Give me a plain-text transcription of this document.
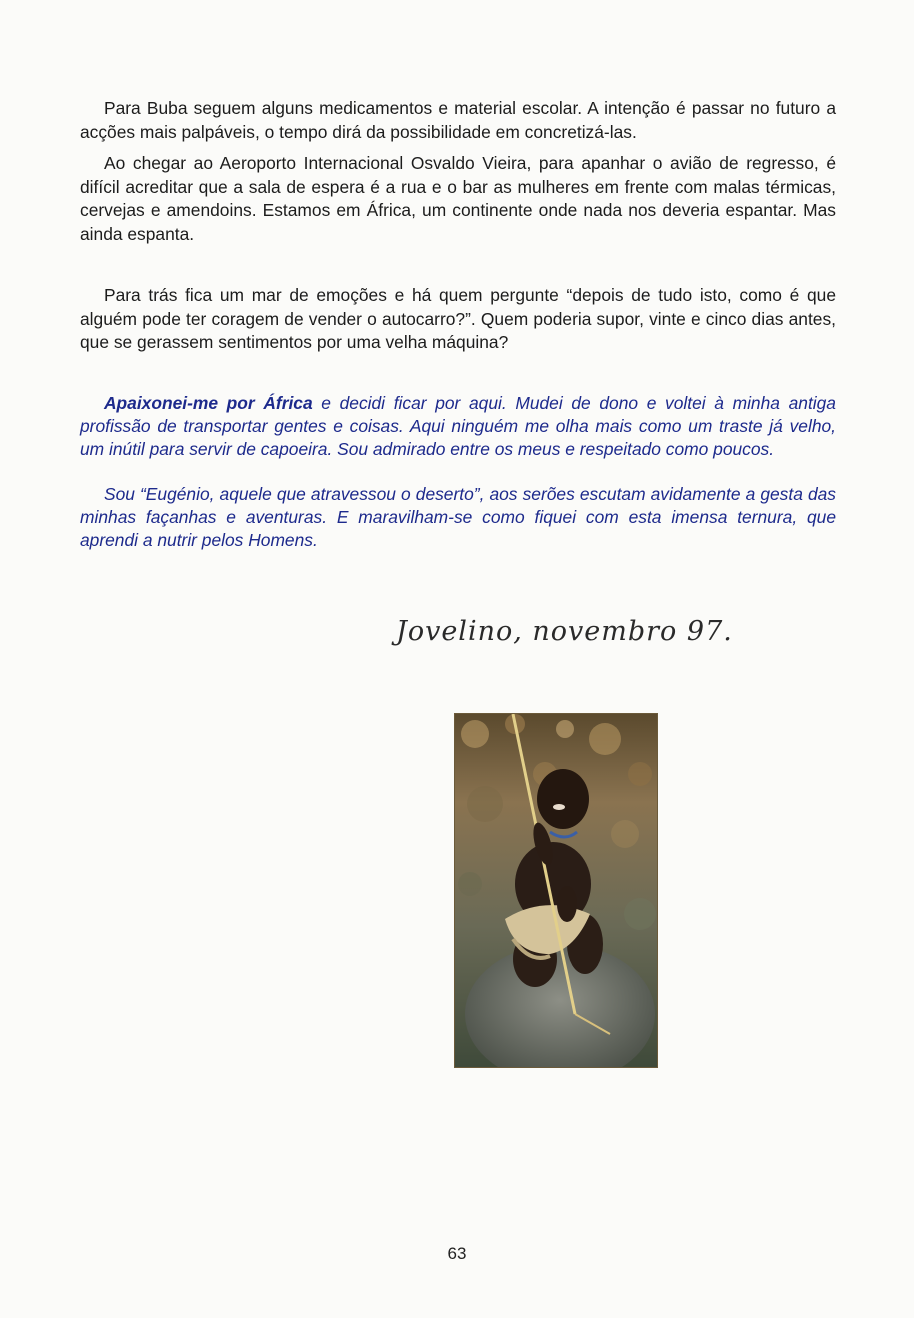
Para Buba seguem alguns medicamentos e material escolar. A intenção é passar no futuro a acções mais palpáveis, o tempo dirá da possibilidade em concretizá-las.

Ao chegar ao Aeroporto Internacional Osvaldo Vieira, para apanhar o avião de regresso, é difícil acreditar que a sala de espera é a rua e o bar as mulheres em frente com malas térmicas, cervejas e amendoins. Estamos em África, um continente onde nada nos deveria espantar. Mas ainda espanta.

Para trás fica um mar de emoções e há quem pergunte “depois de tudo isto, como é que alguém pode ter coragem de vender o autocarro?”. Quem poderia supor, vinte e cinco dias antes, que se gerassem sentimentos por uma velha máquina?

Apaixonei-me por África e decidi ficar por aqui. Mudei de dono e voltei à minha antiga profissão de transportar gentes e coisas. Aqui ninguém me olha mais como um traste já velho, um inútil para servir de capoeira. Sou admirado entre os meus e respeitado como poucos.

Sou “Eugénio, aquele que atravessou o deserto”, aos serões escutam avidamente a gesta das minhas façanhas e aventuras. E maravilham-se como fiquei com esta imensa ternura, que aprendi a nutrir pelos Homens.

Jovelino, novembro 97.
63
